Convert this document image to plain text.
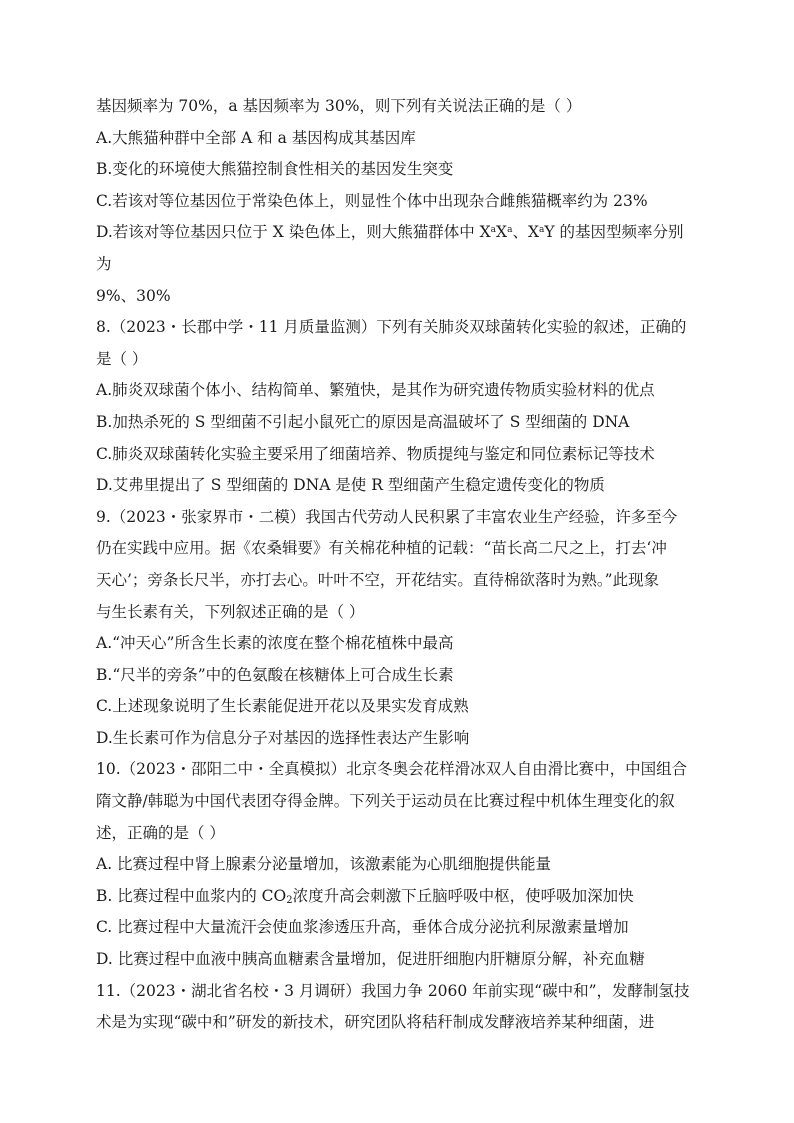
基因频率为 70%，a 基因频率为 30%，则下列有关说法正确的是（ ）
A.大熊猫种群中全部 A 和 a 基因构成其基因库
B.变化的环境使大熊猫控制食性相关的基因发生突变
C.若该对等位基因位于常染色体上，则显性个体中出现杂合雌熊猫概率约为 23%
D.若该对等位基因只位于 X 染色体上，则大熊猫群体中 $X^aX^a$、$X^aY$ 的基因型频率分别
为
9%、30%
8.（2023・长郡中学・11 月质量监测）下列有关肺炎双球菌转化实验的叙述，正确的
是（ ）
A.肺炎双球菌个体小、结构简单、繁殖快，是其作为研究遗传物质实验材料的优点
B.加热杀死的 S 型细菌不引起小鼠死亡的原因是高温破坏了 S 型细菌的 DNA
C.肺炎双球菌转化实验主要采用了细菌培养、物质提纯与鉴定和同位素标记等技术
D.艾弗里提出了 S 型细菌的 DNA 是使 R 型细菌产生稳定遗传变化的物质
9.（2023・张家界市・二模）我国古代劳动人民积累了丰富农业生产经验，许多至今
仍在实践中应用。据《农桑辑要》有关棉花种植的记载：“苗长高二尺之上，打去‘冲
天心’；旁条长尺半，亦打去心。叶叶不空，开花结实。直待棉欲落时为熟。”此现象
与生长素有关，下列叙述正确的是（ ）
A.“冲天心”所含生长素的浓度在整个棉花植株中最高
B.“尺半的旁条”中的色氨酸在核糖体上可合成生长素
C.上述现象说明了生长素能促进开花以及果实发育成熟
D.生长素可作为信息分子对基因的选择性表达产生影响
10.（2023・邵阳二中・全真模拟）北京冬奥会花样滑冰双人自由滑比赛中，中国组合
隋文静/韩聪为中国代表团夺得金牌。下列关于运动员在比赛过程中机体生理变化的叙
述，正确的是（ ）
A. 比赛过程中肾上腺素分泌量增加，该激素能为心肌细胞提供能量
B. 比赛过程中血浆内的 $CO_2$浓度升高会刺激下丘脑呼吸中枢，使呼吸加深加快
C. 比赛过程中大量流汗会使血浆渗透压升高，垂体合成分泌抗利尿激素量增加
D. 比赛过程中血液中胰高血糖素含量增加，促进肝细胞内肝糖原分解，补充血糖
11.（2023・湖北省名校・3 月调研）我国力争 2060 年前实现“碳中和”，发酵制氢技
术是为实现“碳中和”研发的新技术，研究团队将秸秆制成发酵液培养某种细菌，进
